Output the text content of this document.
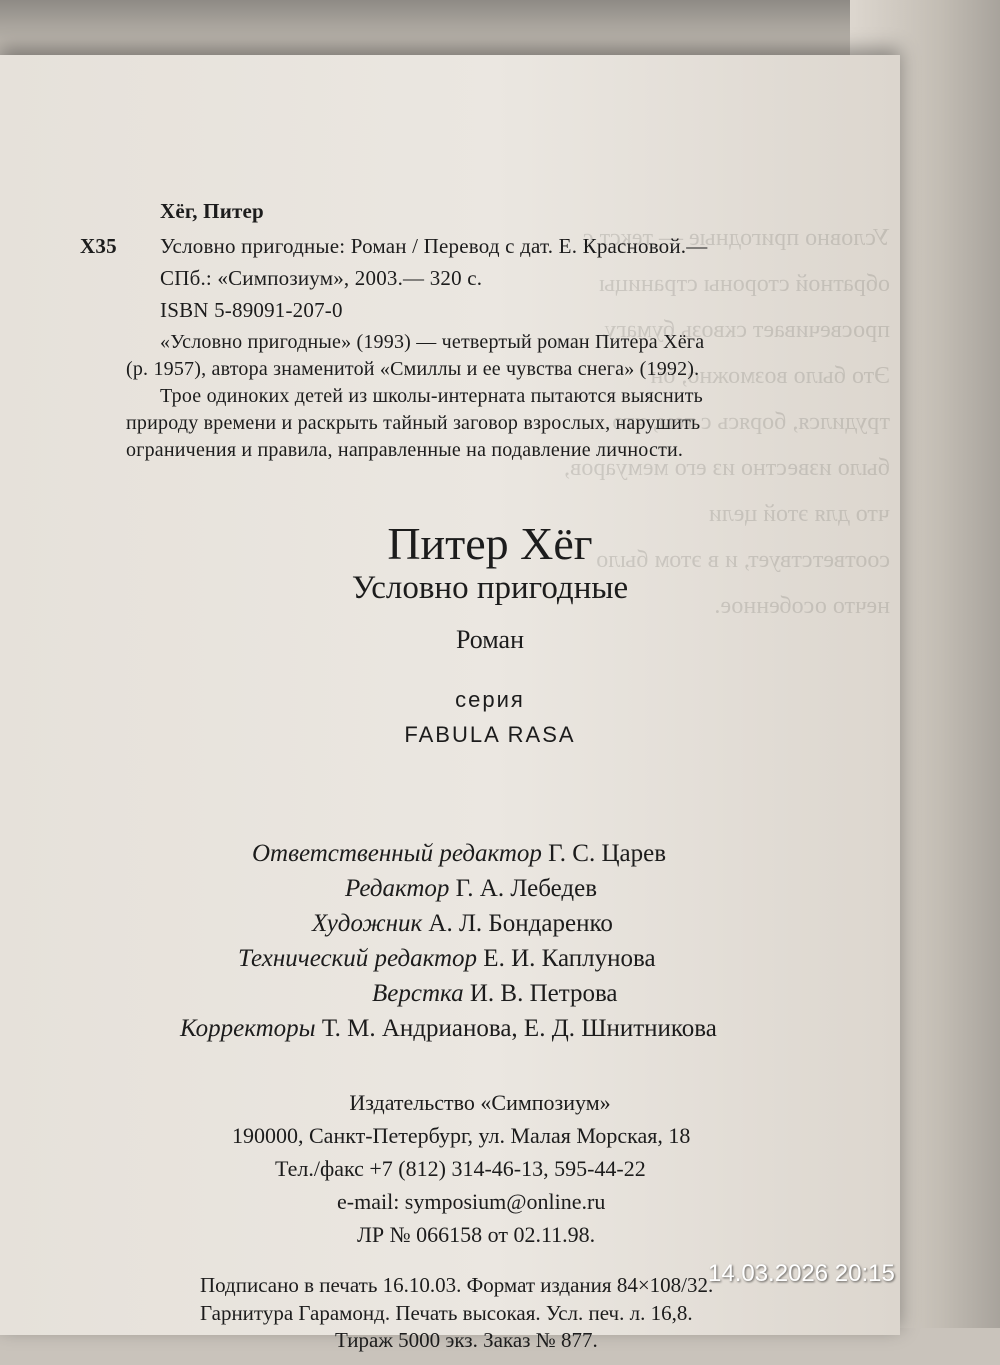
Условно пригодные — текст с обратной стороны страницы просвечивает сквозь бумагу. Это было возможно, он трудился, борясь с тем, что было известно из его мемуаров, что для этой цели соответствует, и в этом было нечто особенное.
Хёг, Питер
Х35 Условно пригодные: Роман / Перевод с дат. Е. Красновой.—
СПб.: «Симпозиум», 2003.— 320 с.
ISBN 5-89091-207-0
«Условно пригодные» (1993) — четвертый роман Питера Хёга
(р. 1957), автора знаменитой «Смиллы и ее чувства снега» (1992).
Трое одиноких детей из школы-интерната пытаются выяснить
природу времени и раскрыть тайный заговор взрослых, нарушить
ограничения и правила, направленные на подавление личности.
Питер Хёг
Условно пригодные
Роман
серия
FABULA RASA
Ответственный редактор Г. С. Царев
Редактор Г. А. Лебедев
Художник А. Л. Бондаренко
Технический редактор Е. И. Каплунова
Верстка И. В. Петрова
Корректоры Т. М. Андрианова, Е. Д. Шнитникова
Издательство «Симпозиум»
190000, Санкт-Петербург, ул. Малая Морская, 18
Тел./факс +7 (812) 314-46-13, 595-44-22
e-mail: symposium@online.ru
ЛР № 066158 от 02.11.98.
Подписано в печать 16.10.03. Формат издания 84×108/32.
Гарнитура Гарамонд. Печать высокая. Усл. печ. л. 16,8.
Тираж 5000 экз. Заказ № 877.
14.03.2026 20:15
